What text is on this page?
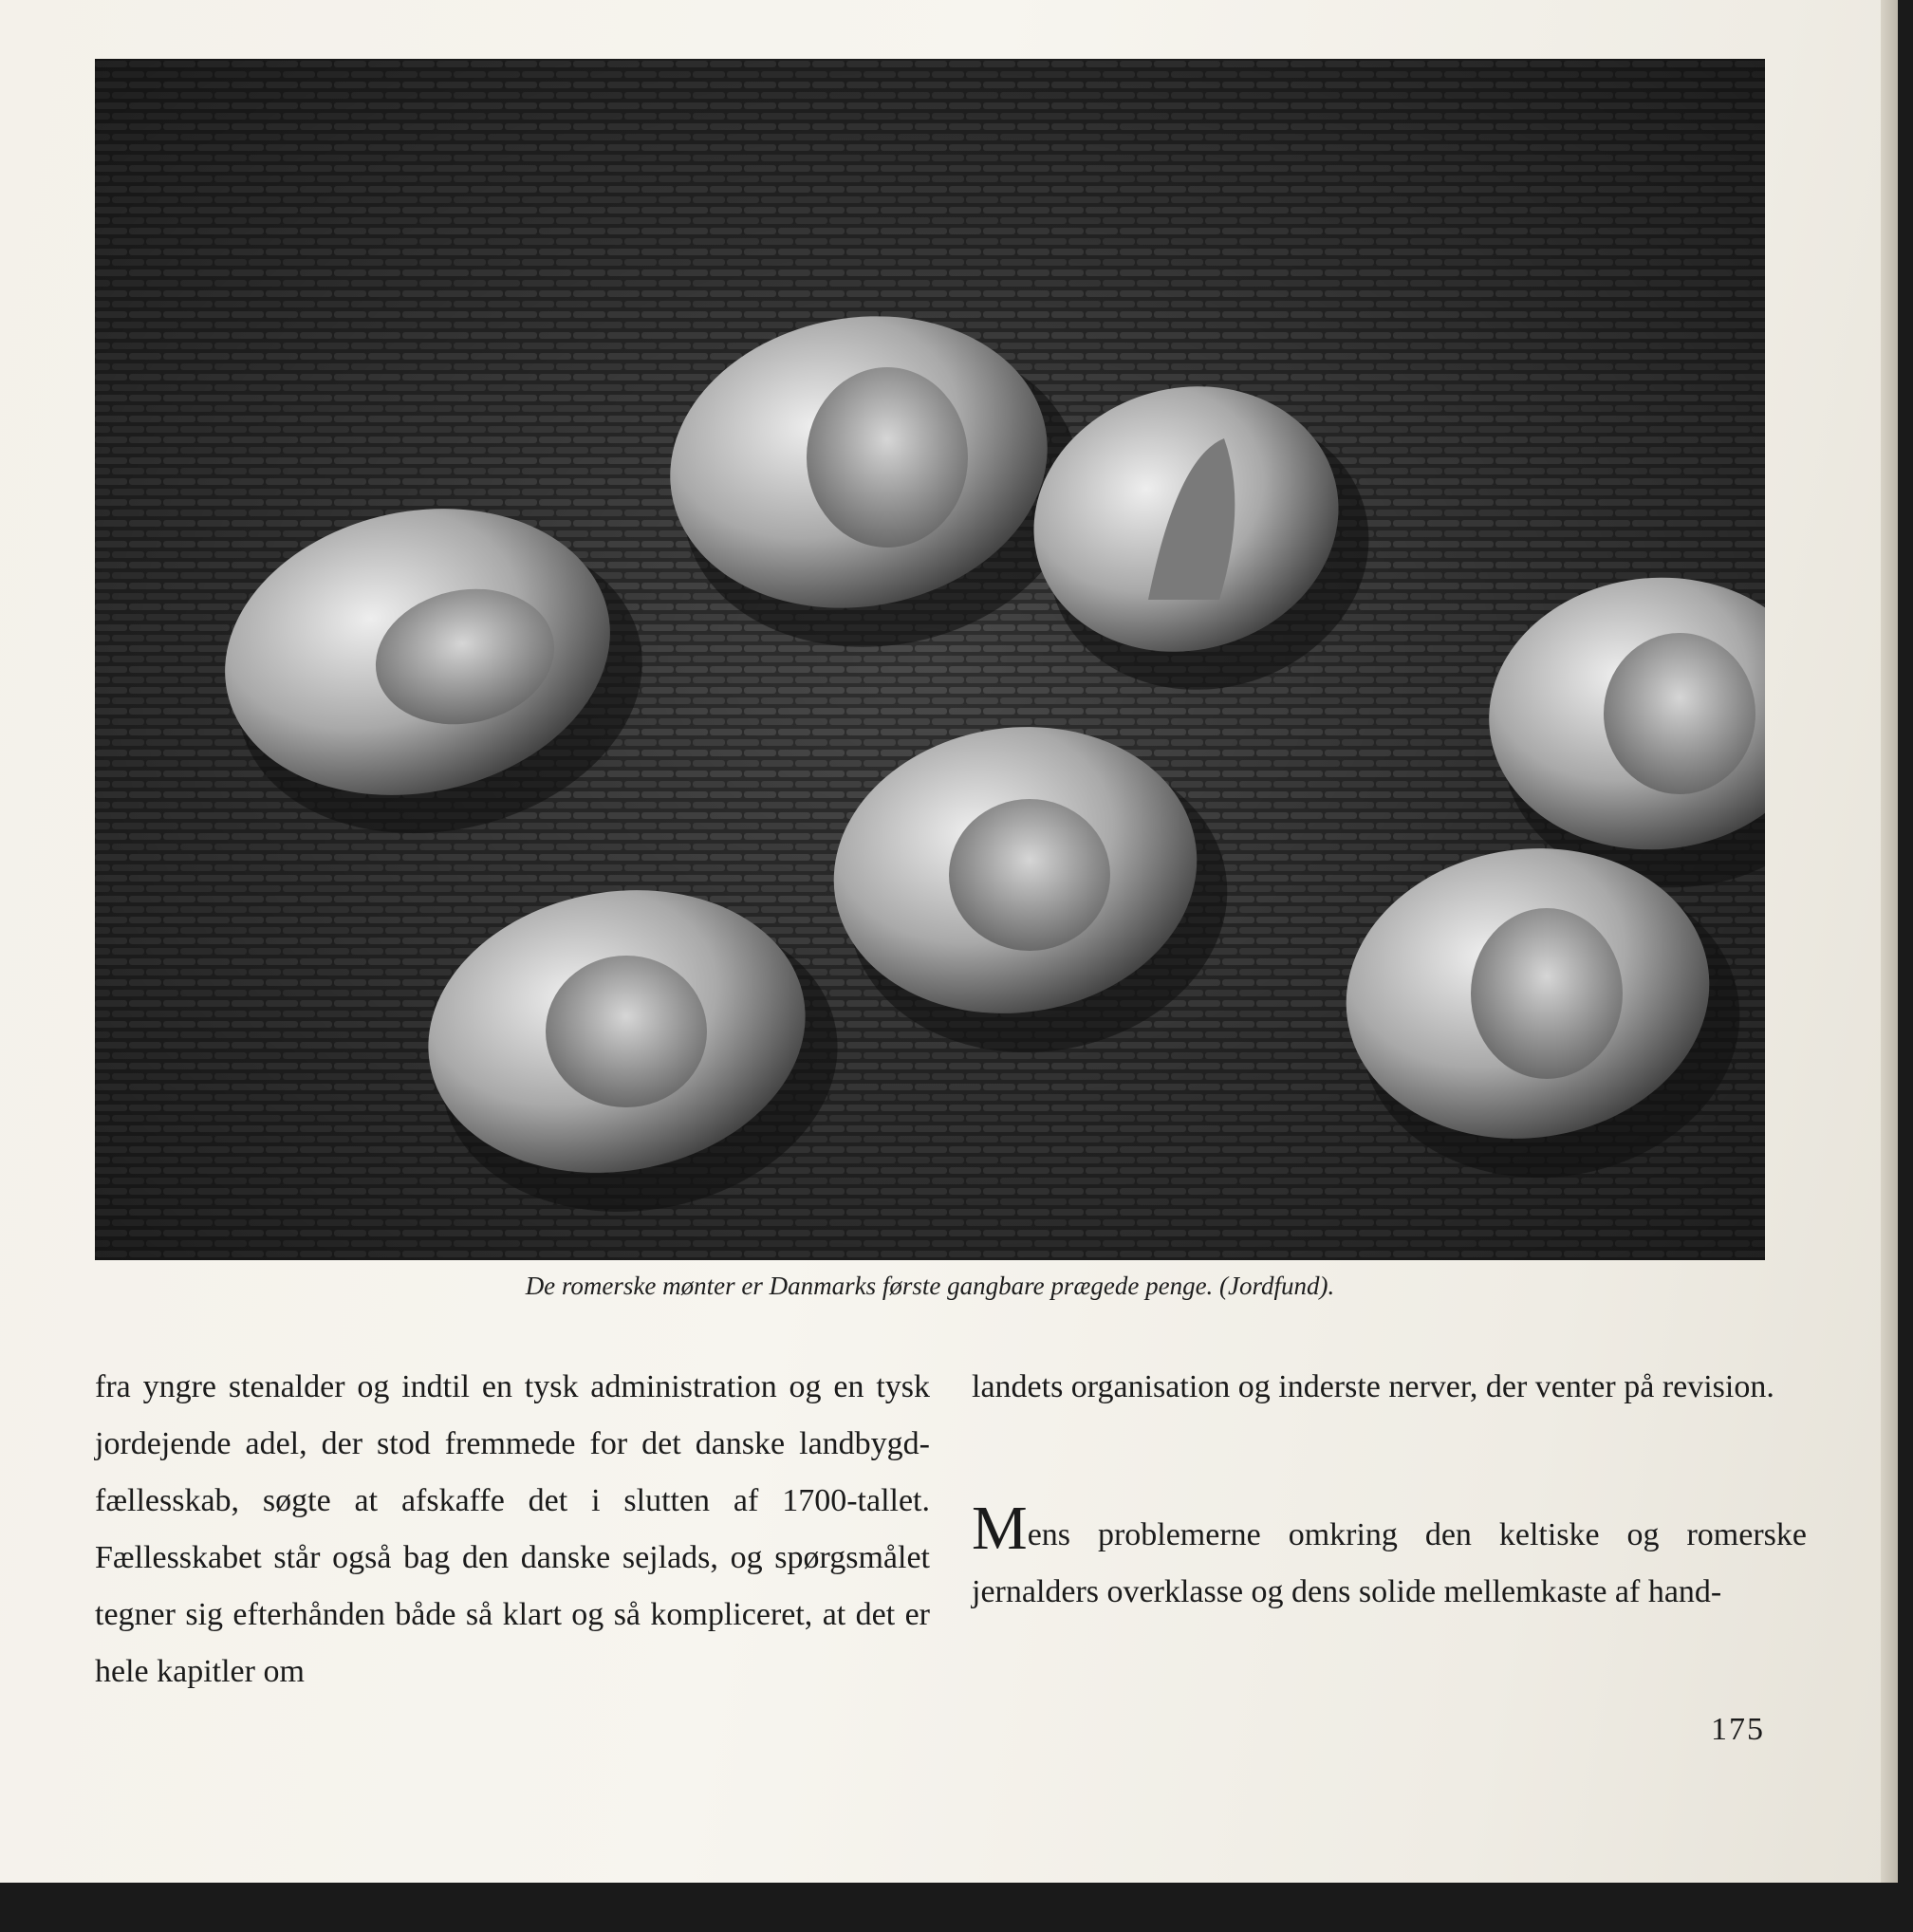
De romerske mønter er Danmarks første gangbare prægede penge. (Jordfund).

fra yngre stenalder og indtil en tysk administration og en tysk jordejende adel, der stod fremmede for det danske landbygd-fællesskab, søgte at afskaffe det i slutten af 1700-tallet. Fællesskabet står også bag den danske sejlads, og spørgsmålet tegner sig efterhånden både så klart og så kompliceret, at det er hele kapitler om

landets organisation og inderste nerver, der venter på revision.

Mens problemerne omkring den keltiske og romerske jernalders overklasse og dens solide mellemkaste af hand-

175
